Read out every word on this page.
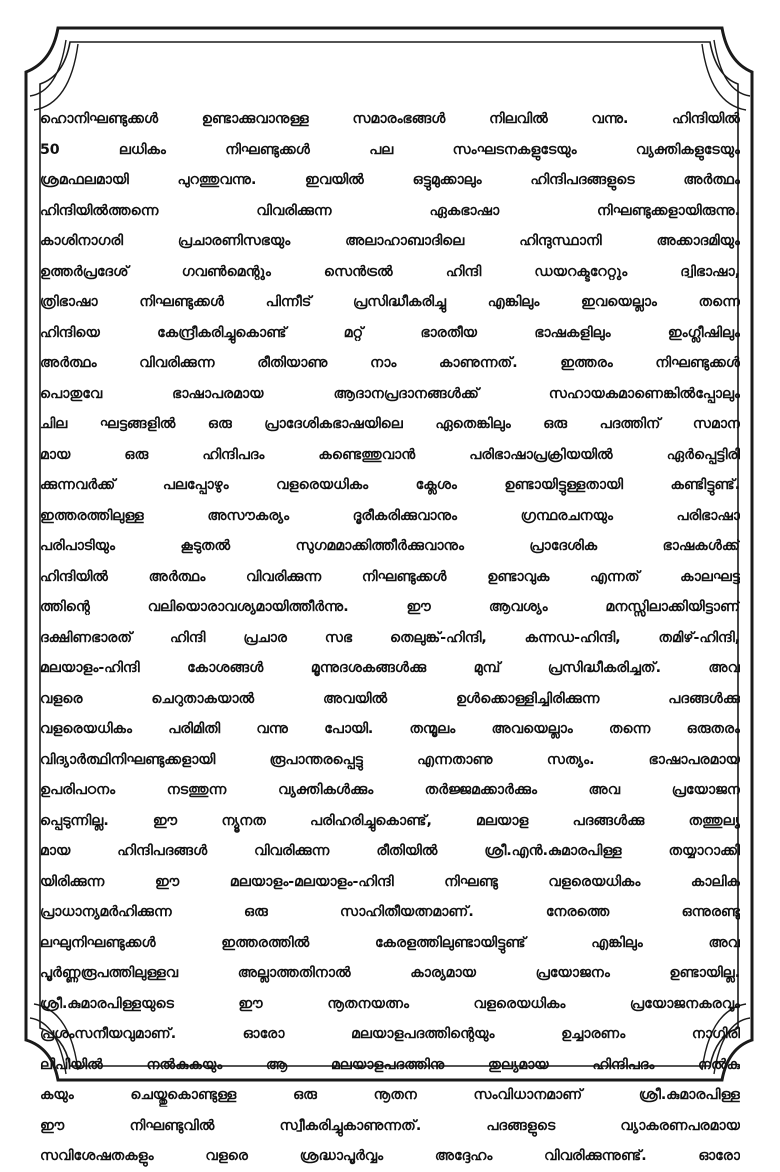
ഹൊനിഘണ്ടുക്കൾ ഉണ്ടാക്കുവാനുള്ള സമാരംഭങ്ങൾ നിലവിൽ വന്നു. ഹിന്ദിയിൽ
50 ലധികം നിഘണ്ടുക്കൾ പല സംഘടനകളുടേയും വ്യക്തികളുടേയും
ശ്രമഫലമായി പുറത്തുവന്നു. ഇവയിൽ ഒട്ടുമുക്കാലും ഹിന്ദിപദങ്ങളുടെ അർത്ഥം
ഹിന്ദിയിൽത്തന്നെ വിവരിക്കുന്ന ഏകഭാഷാ നിഘണ്ടുക്കളായിരുന്നു.
കാശിനാഗരി പ്രചാരണിസഭയും അലാഹാബാദിലെ ഹിന്ദുസ്ഥാനി അക്കാദമിയും
ഉത്തർപ്രദേശ് ഗവൺമെന്റും സെൻട്രൽ ഹിന്ദി ഡയറക്ടറേറ്റും ദ്വിഭാഷാ,
ത്രിഭാഷാ നിഘണ്ടുക്കൾ പിന്നീട് പ്രസിദ്ധീകരിച്ചു എങ്കിലും ഇവയെല്ലാം തന്നെ
ഹിന്ദിയെ കേന്ദ്രീകരിച്ചുകൊണ്ട് മറ്റ് ഭാരതീയ ഭാഷകളിലും ഇംഗ്ലീഷിലും
അർത്ഥം വിവരിക്കുന്ന രീതിയാണു നാം കാണുന്നത്. ഇത്തരം നിഘണ്ടുക്കൾ
പൊതുവേ ഭാഷാപരമായ ആദാനപ്രദാനങ്ങൾക്ക് സഹായകമാണെങ്കിൽപ്പോലും
ചില ഘട്ടങ്ങളിൽ ഒരു പ്രാദേശികഭാഷയിലെ ഏതെങ്കിലും ഒരു പദത്തിന് സമാന
മായ ഒരു ഹിന്ദിപദം കണ്ടെത്തുവാൻ പരിഭാഷാപ്രക്രിയയിൽ ഏർപ്പെട്ടിരി
ക്കുന്നവർക്ക് പലപ്പോഴും വളരെയധികം ക്ലേശം ഉണ്ടായിട്ടുള്ളതായി കണ്ടിട്ടുണ്ട്.
ഇത്തരത്തിലുള്ള അസൗകര്യം ദൂരീകരിക്കുവാനും ഗ്രന്ഥരചനയും പരിഭാഷാ
പരിപാടിയും കൂടുതൽ സുഗമമാക്കിത്തീർക്കുവാനും പ്രാദേശിക ഭാഷകൾക്ക്
ഹിന്ദിയിൽ അർത്ഥം വിവരിക്കുന്ന നിഘണ്ടുക്കൾ ഉണ്ടാവുക എന്നത് കാലഘട്ട
ത്തിന്റെ വലിയൊരാവശ്യമായിത്തീർന്നു. ഈ ആവശ്യം മനസ്സിലാക്കിയിട്ടാണ്
ദക്ഷിണഭാരത് ഹിന്ദി പ്രചാര സഭ തെലുങ്ക്-ഹിന്ദി, കന്നഡ-ഹിന്ദി, തമിഴ്-ഹിന്ദി,
മലയാളം-ഹിന്ദി കോശങ്ങൾ മൂന്നുദശകങ്ങൾക്കു മുമ്പ് പ്രസിദ്ധീകരിച്ചത്. അവ
വളരെ ചെറുതാകയാൽ അവയിൽ ഉൾക്കൊള്ളിച്ചിരിക്കുന്ന പദങ്ങൾക്കു
വളരെയധികം പരിമിതി വന്നു പോയി. തന്മൂലം അവയെല്ലാം തന്നെ ഒരുതരം
വിദ്യാർത്ഥിനിഘണ്ടുക്കളായി രൂപാന്തരപ്പെട്ടു എന്നതാണു സത്യം. ഭാഷാപരമായ
ഉപരിപഠനം നടത്തുന്ന വ്യക്തികൾക്കും തർജ്ജമക്കാർക്കും അവ പ്രയോജന
പ്പെടുന്നില്ല. ഈ ന്യൂനത പരിഹരിച്ചുകൊണ്ട്, മലയാള പദങ്ങൾക്കു തത്തുല്യ
മായ ഹിന്ദിപദങ്ങൾ വിവരിക്കുന്ന രീതിയിൽ ശ്രീ.എൻ.കുമാരപിള്ള തയ്യാറാക്കി
യിരിക്കുന്ന ഈ മലയാളം-മലയാളം-ഹിന്ദി നിഘണ്ടു വളരെയധികം കാലിക
പ്രാധാന്യമർഹിക്കുന്ന ഒരു സാഹിതീയത്നമാണ്. നേരത്തെ ഒന്നുരണ്ടു
ലഘുനിഘണ്ടുക്കൾ ഇത്തരത്തിൽ കേരളത്തിലുണ്ടായിട്ടുണ്ട് എങ്കിലും അവ
പൂർണ്ണരൂപത്തിലുള്ളവ അല്ലാത്തതിനാൽ കാര്യമായ പ്രയോജനം ഉണ്ടായില്ല.
ശ്രീ.കുമാരപിള്ളയുടെ ഈ നൂതനയത്നം വളരെയധികം പ്രയോജനകരവും
പ്രശംസനീയവുമാണ്. ഓരോ മലയാളപദത്തിന്റെയും ഉച്ചാരണം നാഗിരി
ലിപിയിൽ നൽകുകയും ആ മലയാളപദത്തിനു തുല്യമായ ഹിന്ദിപദം നൽകു
കയും ചെയ്തുകൊണ്ടുള്ള ഒരു നൂതന സംവിധാനമാണ് ശ്രീ.കുമാരപിള്ള
ഈ നിഘണ്ടുവിൽ സ്വീകരിച്ചുകാണുന്നത്. പദങ്ങളുടെ വ്യാകരണപരമായ
സവിശേഷതകളും വളരെ ശ്രദ്ധാപൂർവ്വം അദ്ദേഹം വിവരിക്കുന്നുണ്ട്. ഓരോ
